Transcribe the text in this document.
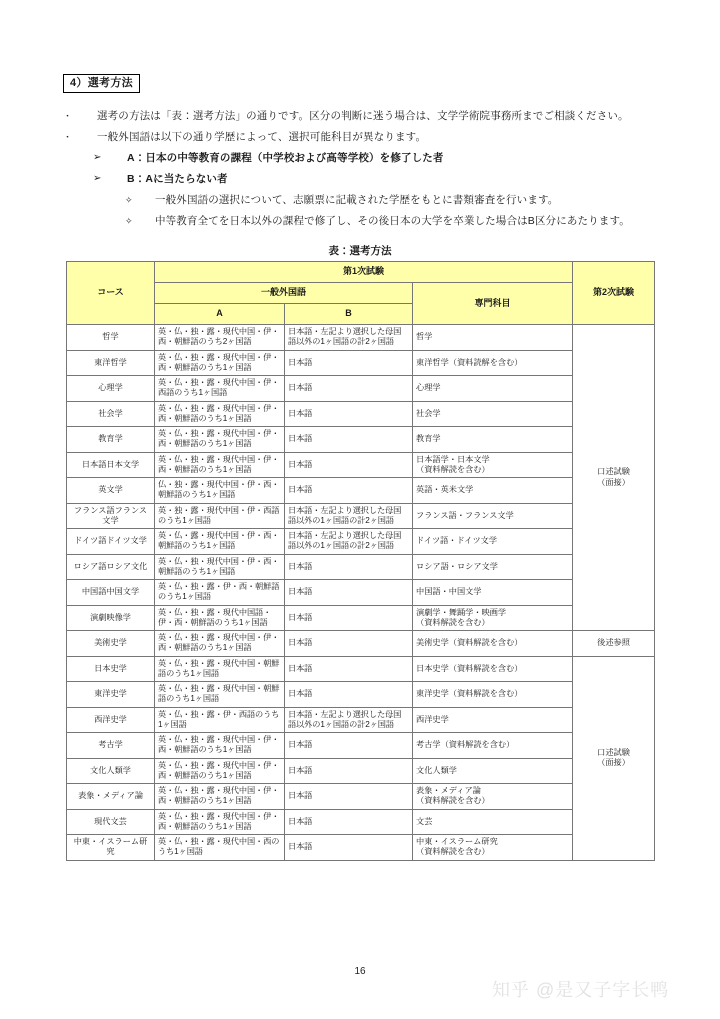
4）選考方法
・	選考の方法は「表：選考方法」の通りです。区分の判断に迷う場合は、文学学術院事務所までご相談ください。
・	一般外国語は以下の通り学歴によって、選択可能科目が異なります。
➢	A：日本の中等教育の課程（中学校および高等学校）を修了した者
➢	B：Aに当たらない者
✧	一般外国語の選択について、志願票に記載された学歴をもとに書類審査を行います。
✧	中等教育全てを日本以外の課程で修了し、その後日本の大学を卒業した場合はB区分にあたります。
表：選考方法
コース	第1次試験			第2次試験
	一般外国語		専門科目	
	A	B		
哲学	英・仏・独・露・現代中国・伊・西・朝鮮語のうち2ヶ国語	日本語・左記より選択した母国語以外の1ヶ国語の計2ヶ国語	哲学	口述試験
（面接）

東洋哲学	英・仏・独・露・現代中国・伊・西・朝鮮語のうち1ヶ国語	日本語	東洋哲学（資料読解を含む）	
心理学	英・仏・独・露・現代中国・伊・西語のうち1ヶ国語	日本語	心理学	
社会学	英・仏・独・露・現代中国・伊・西・朝鮮語のうち1ヶ国語	日本語	社会学	
教育学	英・仏・独・露・現代中国・伊・西・朝鮮語のうち1ヶ国語	日本語	教育学	
日本語日本文学	英・仏・独・露・現代中国・伊・西・朝鮮語のうち1ヶ国語	日本語	日本語学・日本文学
（資料解読を含む）	
英文学	仏・独・露・現代中国・伊・西・朝鮮語のうち1ヶ国語	日本語	英語・英米文学	
フランス語フランス文学	英・独・露・現代中国・伊・西語のうち1ヶ国語	日本語・左記より選択した母国語以外の1ヶ国語の計2ヶ国語	フランス語・フランス文学	
ドイツ語ドイツ文学	英・仏・露・現代中国・伊・西・朝鮮語のうち1ヶ国語	日本語・左記より選択した母国語以外の1ヶ国語の計2ヶ国語	ドイツ語・ドイツ文学	
ロシア語ロシア文化	英・仏・独・現代中国・伊・西・朝鮮語のうち1ヶ国語	日本語	ロシア語・ロシア文学	
中国語中国文学	英・仏・独・露・伊・西・朝鮮語のうち1ヶ国語	日本語	中国語・中国文学	
演劇映像学	英・仏・独・露・現代中国語・伊・西・朝鮮語のうち1ヶ国語	日本語	演劇学・舞踊学・映画学
（資料解読を含む）	
美術史学	英・仏・独・露・現代中国・伊・西・朝鮮語のうち1ヶ国語	日本語	美術史学（資料解読を含む）	後述参照

日本史学	英・仏・独・露・現代中国・朝鮮語のうち1ヶ国語	日本語	日本史学（資料解読を含む）	口述試験
（面接）

東洋史学	英・仏・独・露・現代中国・朝鮮語のうち1ヶ国語	日本語	東洋史学（資料解読を含む）	
西洋史学	英・仏・独・露・伊・西語のうち1ヶ国語	日本語・左記より選択した母国語以外の1ヶ国語の計2ヶ国語	西洋史学	
考古学	英・仏・独・露・現代中国・伊・西・朝鮮語のうち1ヶ国語	日本語	考古学（資料解読を含む）	
文化人類学	英・仏・独・露・現代中国・伊・西・朝鮮語のうち1ヶ国語	日本語	文化人類学	
表象・メディア論	英・仏・独・露・現代中国・伊・西・朝鮮語のうち1ヶ国語	日本語	表象・メディア論
（資料解読を含む）	
現代文芸	英・仏・独・露・現代中国・伊・西・朝鮮語のうち1ヶ国語	日本語	文芸	
中東・イスラーム研究	英・仏・独・露・現代中国・西のうち1ヶ国語	日本語	中東・イスラーム研究
（資料解読を含む）	
16
知乎 @是又子字长鸭
